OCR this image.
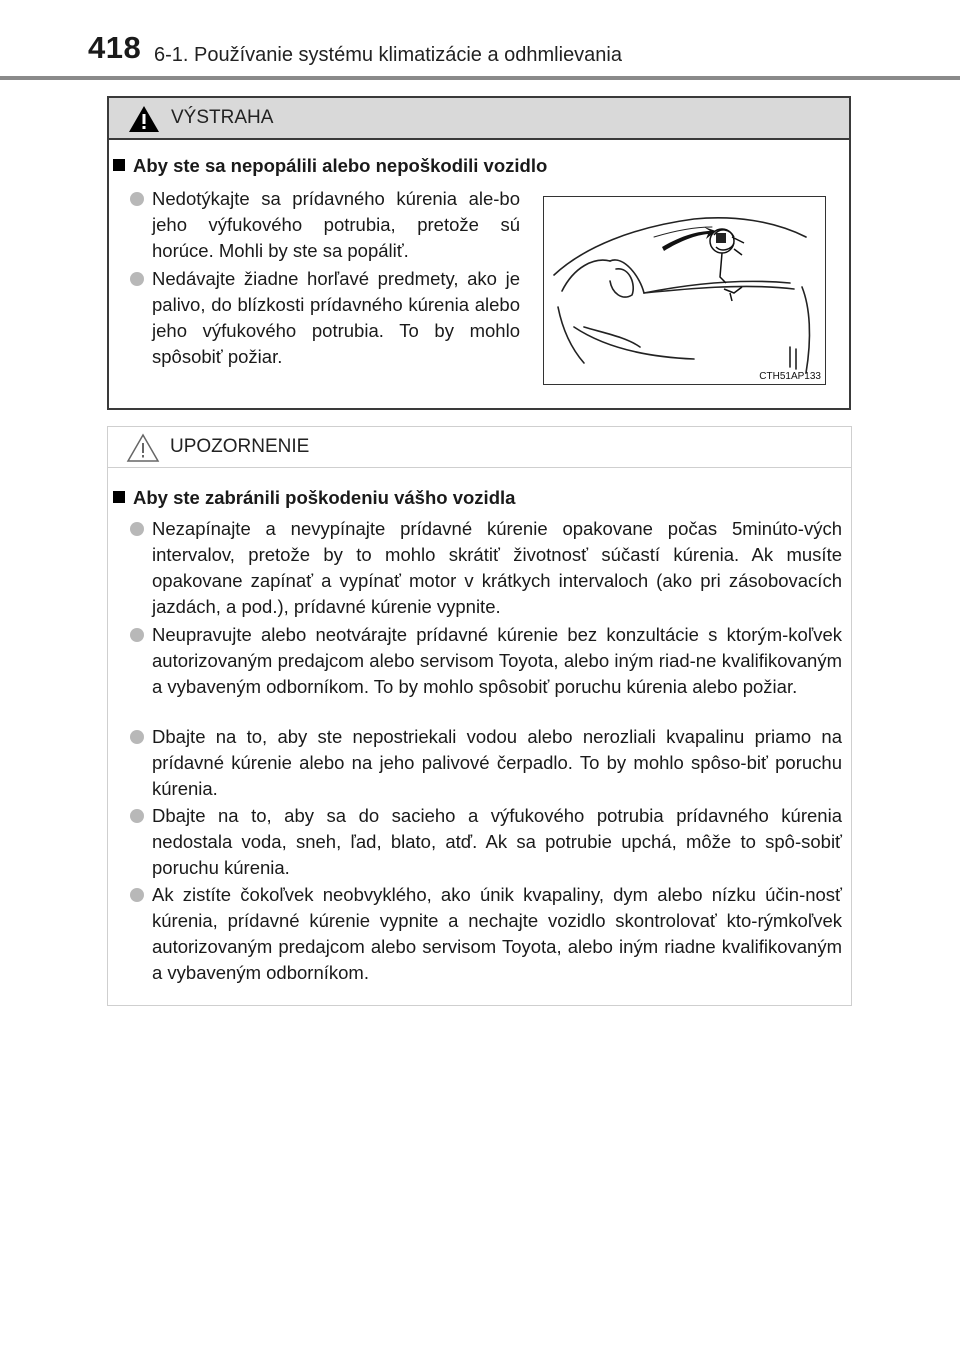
418 6-1. Používanie systému klimatizácie a odhmlievania
VÝSTRAHA
Aby ste sa nepopálili alebo nepoškodili vozidlo
Nedotýkajte sa prídavného kúrenia ale-bo jeho výfukového potrubia, pretože sú horúce. Mohli by ste sa popáliť.
Nedávajte žiadne horľavé predmety, ako je palivo, do blízkosti prídavného kúrenia alebo jeho výfukového potrubia. To by mohlo spôsobiť požiar.
CTH51AP133
UPOZORNENIE
Aby ste zabránili poškodeniu vášho vozidla
Nezapínajte a nevypínajte prídavné kúrenie opakovane počas 5minúto-vých intervalov, pretože by to mohlo skrátiť životnosť súčastí kúrenia. Ak musíte opakovane zapínať a vypínať motor v krátkych intervaloch (ako pri zásobovacích jazdách, a pod.), prídavné kúrenie vypnite.
Neupravujte alebo neotvárajte prídavné kúrenie bez konzultácie s ktorým-koľvek autorizovaným predajcom alebo servisom Toyota, alebo iným riad-ne kvalifikovaným a vybaveným odborníkom. To by mohlo spôsobiť poruchu kúrenia alebo požiar.
Dbajte na to, aby ste nepostriekali vodou alebo nerozliali kvapalinu priamo na prídavné kúrenie alebo na jeho palivové čerpadlo. To by mohlo spôso-biť poruchu kúrenia.
Dbajte na to, aby sa do sacieho a výfukového potrubia prídavného kúrenia nedostala voda, sneh, ľad, blato, atď. Ak sa potrubie upchá, môže to spô-sobiť poruchu kúrenia.
Ak zistíte čokoľvek neobvyklého, ako únik kvapaliny, dym alebo nízku účin-nosť kúrenia, prídavné kúrenie vypnite a nechajte vozidlo skontrolovať kto-rýmkoľvek autorizovaným predajcom alebo servisom Toyota, alebo iným riadne kvalifikovaným a vybaveným odborníkom.
